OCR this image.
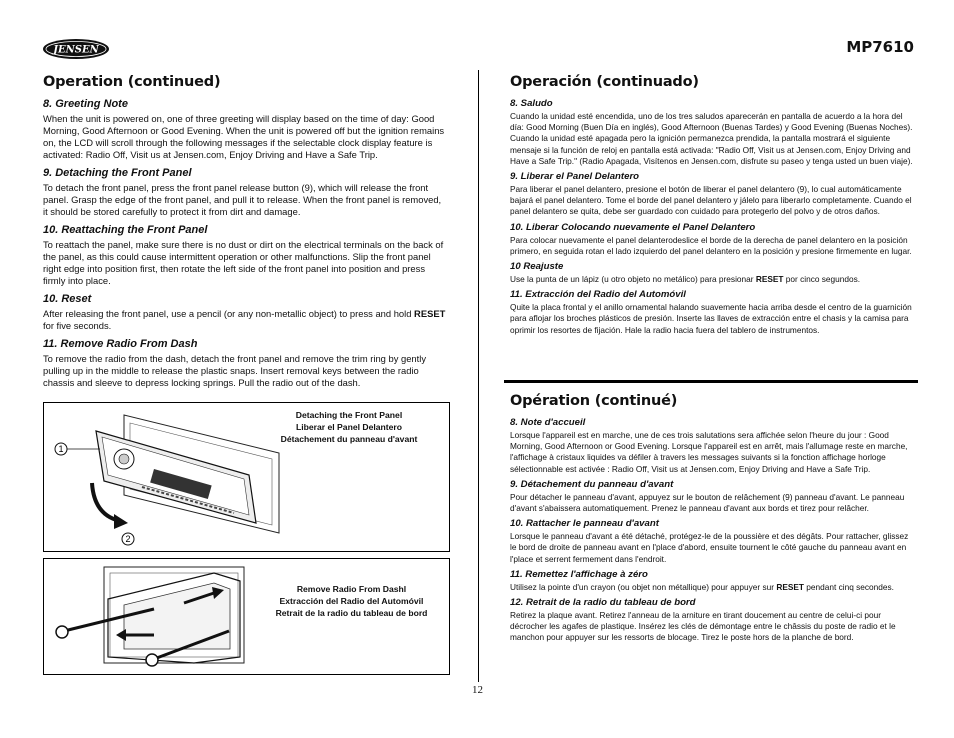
JENSEN	MP7610
Operation (continued)
8. Greeting Note

When the unit is powered on, one of three greeting will display based on the time of day: Good Morning, Good Afternoon or Good Evening. When the unit is powered off but the ignition remains on, the LCD will scroll through the following messages if the selectable clock display feature is activated: Radio Off, Visit us at Jensen.com, Enjoy Driving and Have a Safe Trip.

9. Detaching the Front Panel

To detach the front panel, press the front panel release button (9), which will release the front panel. Grasp the edge of the front panel, and pull it to release. When the front panel is removed, it should be stored carefully to protect it from dirt and damage.

10. Reattaching the Front Panel

To reattach the panel, make sure there is no dust or dirt on the electrical terminals on the back of the panel, as this could cause intermittent operation or other malfunctions. Slip the front panel right edge into position first, then rotate the left side of the front panel into position and press firmly into place.

10. Reset

After releasing the front panel, use a pencil (or any non-metallic object) to press and hold RESET for five seconds.

11. Remove Radio From Dash

To remove the radio from the dash, detach the front panel and remove the trim ring by gently pulling up in the middle to release the plastic snaps. Insert removal keys between the radio chassis and sleeve to depress locking springs. Pull the radio out of the dash.

1
2
Detaching the Front Panel
Liberar el Panel Delantero
Détachement du panneau d'avant
Remove Radio From Dashl
Extracción del Radio del Automóvil
Retrait de la radio du tableau de bord
Operación (continuado)
8. Saludo

Cuando la unidad esté encendida, uno de los tres saludos aparecerán en pantalla de acuerdo a la hora del día: Good Morning (Buen Día en inglés), Good Afternoon (Buenas Tardes) y Good Evening (Buenas Noches). Cuando la unidad esté apagada pero la ignición permanezca prendida, la pantalla mostrará el siguiente mensaje si la función de reloj en pantalla está activada: "Radio Off, Visit us at Jensen.com, Enjoy Driving and Have a Safe Trip." (Radio Apagada, Visítenos en Jensen.com, disfrute su paseo y tenga usted un buen viaje).

9. Liberar el Panel Delantero

Para liberar el panel delantero, presione el botón de liberar el panel delantero (9), lo cual automáticamente bajará el panel delantero. Tome el borde del panel delantero y jálelo para liberarlo completamente. Cuando el panel delantero se quita, debe ser guardado con cuidado para protegerlo del polvo y de otros daños.

10. Liberar Colocando nuevamente el Panel Delantero

Para colocar nuevamente el panel delanterodeslice el borde de la derecha de panel delantero en la posición primero, en seguida rotan el lado izquierdo del panel delantero en la posición y presione firmemente en lugar.

10 Reajuste

Use la punta de un lápiz (u otro objeto no metálico) para presionar RESET por cinco segundos.

11. Extracción del Radio del Automóvil

Quite la placa frontal y el anillo ornamental halando suavemente hacia arriba desde el centro de la guarnición para aflojar los broches plásticos de presión. Inserte las llaves de extracción entre el chasis y la camisa para oprimir los resortes de fijación. Hale la radio hacia fuera del tablero de instrumentos.

Opération (continué)
8. Note d'accueil

Lorsque l'appareil est en marche, une de ces trois salutations sera affichée selon l'heure du jour : Good Morning, Good Afternoon or Good Evening. Lorsque l'appareil est en arrêt, mais l'allumage reste en marche, l'affichage à cristaux liquides va défiler à travers les messages suivants si la fonction affichage horloge sélectionnable est activée : Radio Off, Visit us at Jensen.com, Enjoy Driving and Have a Safe Trip.

9. Détachement du panneau d'avant

Pour détacher le panneau d'avant, appuyez sur le bouton de relâchement (9) panneau d'avant. Le panneau d'avant s'abaissera automatiquement. Prenez le panneau d'avant aux bords et tirez pour relâcher.

10. Rattacher le panneau d'avant

Lorsque le panneau d'avant a été détaché, protégez-le de la poussière et des dégâts. Pour rattacher, glissez le bord de droite de panneau avant en l'place d'abord, ensuite tournent le côté gauche du panneau avant en l'place et serrent fermement dans l'endroit.

11. Remettez l'affichage à zéro

Utilisez la pointe d'un crayon (ou objet non métallique) pour appuyer sur RESET pendant cinq secondes.

12. Retrait de la radio du tableau de bord

Retirez la plaque avant. Retirez l'anneau de la arniture en tirant doucement au centre de celui-ci pour décrocher les agafes de plastique. Insérez les clés de démontage entre le châssis du poste de radio et le manchon pour appuyer sur les ressorts de blocage. Tirez le poste hors de la planche de bord.

12
